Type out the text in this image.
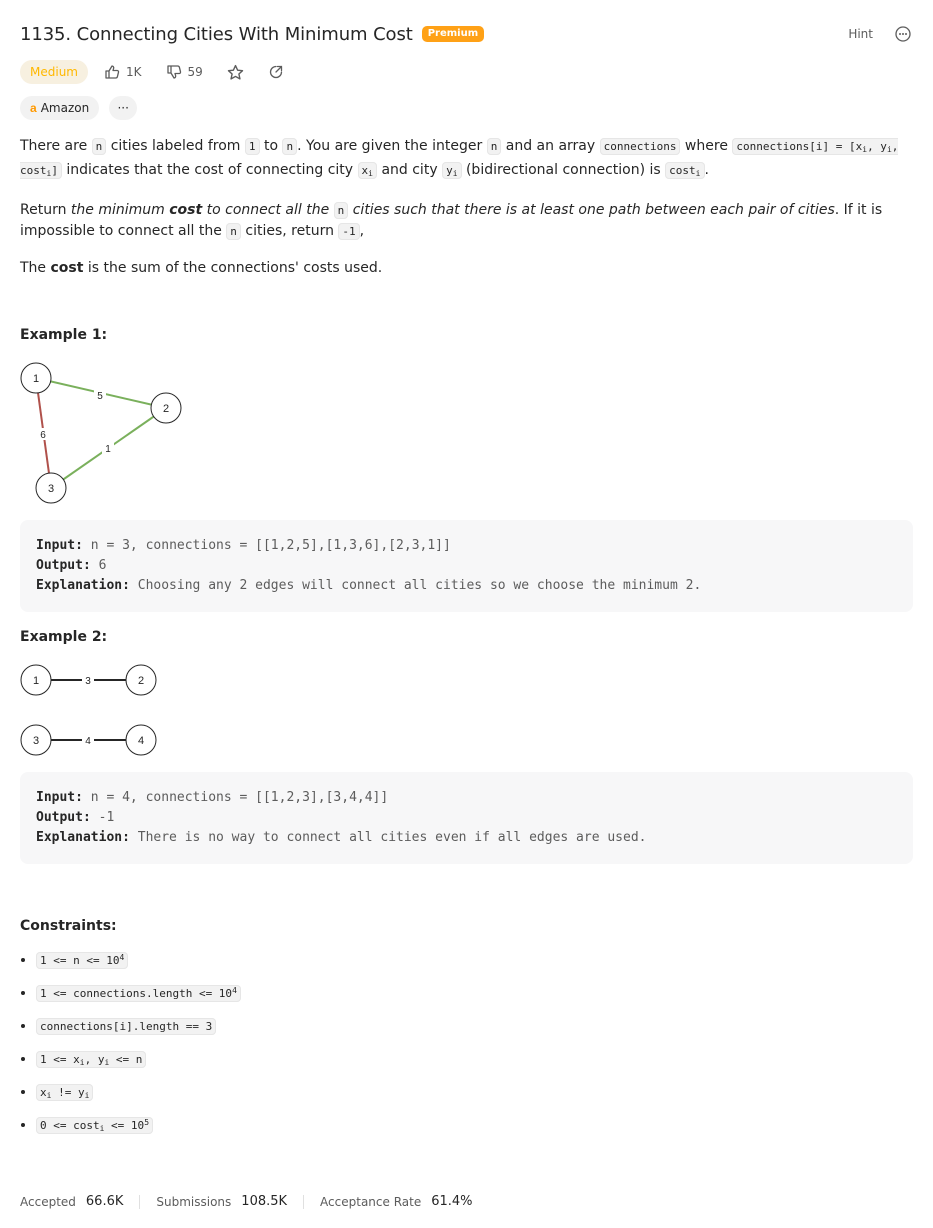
1135. Connecting Cities With Minimum Cost	Premium	Hint
Medium	1K	59
a Amazon	···

There are n cities labeled from 1 to n . You are given the integer n and an array connections where connections[i] = [$x_i$, $y_i$, cost$_i$] indicates that the cost of connecting city $x_i$ and city $y_i$ (bidirectional connection) is cost$_i$ .

Return the minimum cost to connect all the n cities such that there is at least one path between each pair of cities. If it is impossible to connect all the n cities, return -1 ,

The cost is the sum of the connections' costs used.

Example 1:
5
6
1
1
2
3
Input: n = 3, connections = [[1,2,5],[1,3,6],[2,3,1]]
Output: 6
Explanation: Choosing any 2 edges will connect all cities so we choose the minimum 2.
Example 2:
3
4
1	2
3	4
Input: n = 4, connections = [[1,2,3],[3,4,4]]
Output: -1
Explanation: There is no way to connect all cities even if all edges are used.
Constraints:
• $1 <= n <= 10^4$
• 1 <= connections.length <= $10^4$
• connections[i].length == 3
• $1 <= x_i$, $y_i <= n$
• $x_i$ != $y_i$
• $0 <= \cos t_i <= 10^5$
Accepted 66.6K	Submissions 108.5K	Acceptance Rate 61.4%
